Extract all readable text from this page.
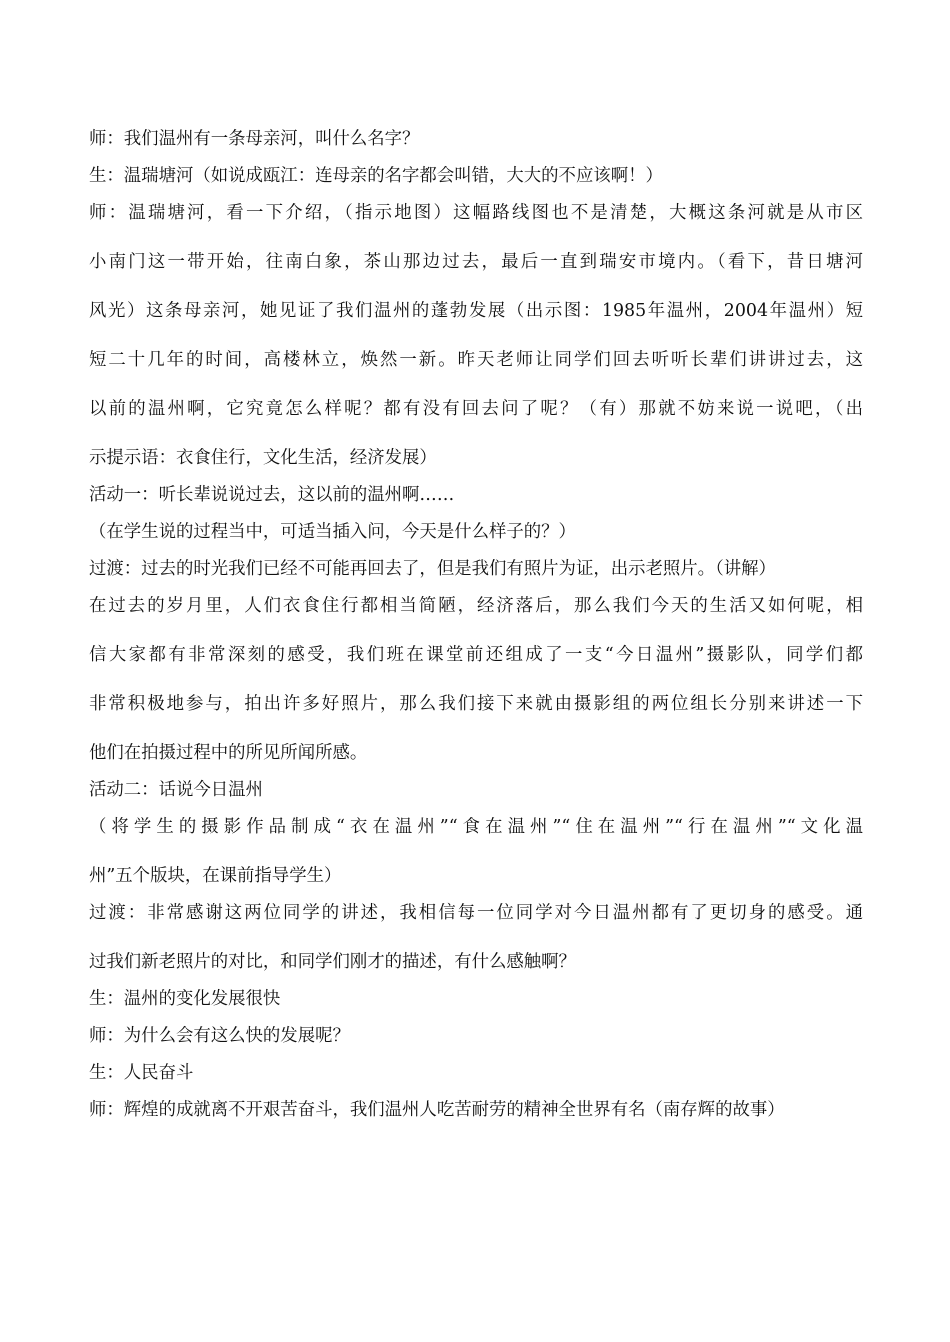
师：我们温州有一条母亲河，叫什么名字？
生：温瑞塘河（如说成瓯江：连母亲的名字都会叫错，大大的不应该啊！）
师：温瑞塘河，看一下介绍，（指示地图）这幅路线图也不是清楚，大概这条河就是从市区
小南门这一带开始，往南白象，茶山那边过去，最后一直到瑞安市境内。（看下，昔日塘河
风光）这条母亲河，她见证了我们温州的蓬勃发展（出示图：1985年温州，2004年温州）短
短二十几年的时间，高楼林立，焕然一新。昨天老师让同学们回去听听长辈们讲讲过去，这
以前的温州啊，它究竟怎么样呢？都有没有回去问了呢？（有）那就不妨来说一说吧，（出
示提示语：衣食住行，文化生活，经济发展）
活动一：听长辈说说过去，这以前的温州啊……
（在学生说的过程当中，可适当插入问，今天是什么样子的？）
过渡：过去的时光我们已经不可能再回去了，但是我们有照片为证，出示老照片。（讲解）
在过去的岁月里，人们衣食住行都相当简陋，经济落后，那么我们今天的生活又如何呢，相
信大家都有非常深刻的感受，我们班在课堂前还组成了一支“今日温州”摄影队，同学们都
非常积极地参与，拍出许多好照片，那么我们接下来就由摄影组的两位组长分别来讲述一下
他们在拍摄过程中的所见所闻所感。
活动二：话说今日温州
（将学生的摄影作品制成“衣在温州”“食在温州”“住在温州”“行在温州”“文化温
州”五个版块，在课前指导学生）
过渡：非常感谢这两位同学的讲述，我相信每一位同学对今日温州都有了更切身的感受。通
过我们新老照片的对比，和同学们刚才的描述，有什么感触啊？
生：温州的变化发展很快
师：为什么会有这么快的发展呢？
生：人民奋斗
师：辉煌的成就离不开艰苦奋斗，我们温州人吃苦耐劳的精神全世界有名（南存辉的故事）
